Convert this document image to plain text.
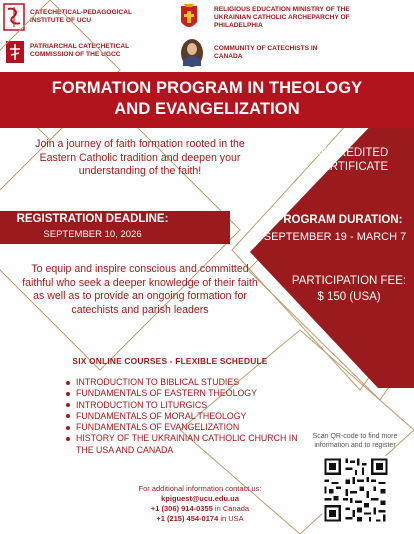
CATECHETICAL-PEDAGOGICAL INSTITUTE OF UCU
PATRIARCHAL CATECHETICAL COMMISSION OF THE UGCC
RELIGIOUS EDUCATION MINISTRY OF THE UKRAINIAN CATHOLIC ARCHEPARCHY OF PHILADELPHIA
COMMUNITY OF CATECHISTS IN CANADA
FORMATION PROGRAM IN THEOLOGY
AND EVANGELIZATION
Join a journey of faith formation rooted in the Eastern Catholic tradition and deepen your understanding of the faith!
REGISTRATION DEADLINE:
SEPTEMBER 10, 2026
To equip and inspire conscious and committed faithful who seek a deeper knowledge of their faith as well as to provide an ongoing formation for catechists and parish leaders
ACCREDITED
CERTIFICATE
PROGRAM DURATION:
SEPTEMBER 19 - MARCH 7
PARTICIPATION FEE:
$ 150 (USA)
SIX ONLINE COURSES - FLEXIBLE SCHEDULE
INTRODUCTION TO BIBLICAL STUDIES
FUNDAMENTALS OF EASTERN THEOLOGY
INTRODUCTION TO LITURGICS
FUNDAMENTALS OF MORAL THEOLOGY
FUNDAMENTALS OF EVANGELIZATION
HISTORY OF THE UKRAINIAN CATHOLIC CHURCH IN THE USA AND CANADA
For additional information contact us:
kpiguest@ucu.edu.ua
+1 (306) 914-0355 in Canada
+1 (215) 454-0174 in USA
Scan QR-code to find more information and to register
